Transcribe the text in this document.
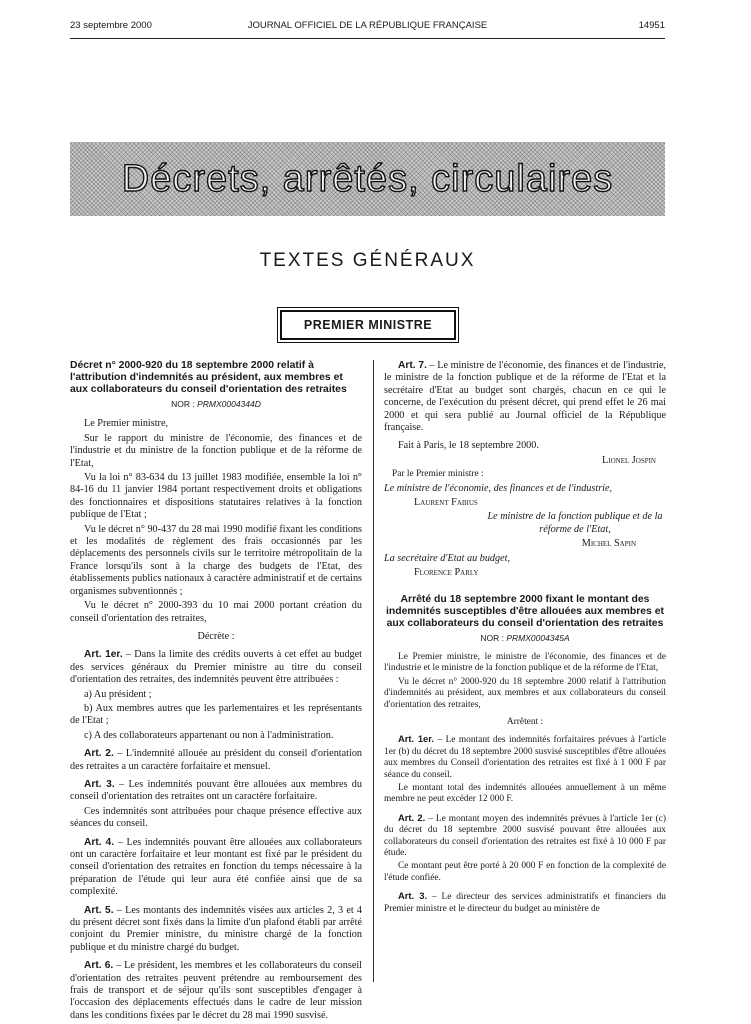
23 septembre 2000	JOURNAL OFFICIEL DE LA RÉPUBLIQUE FRANÇAISE	14951
Décrets, arrêtés, circulaires
TEXTES GÉNÉRAUX
PREMIER MINISTRE
Décret n° 2000-920 du 18 septembre 2000 relatif à l'attribution d'indemnités au président, aux membres et aux collaborateurs du conseil d'orientation des retraites
NOR : PRMX0004344D

Le Premier ministre,

Sur le rapport du ministre de l'économie, des finances et de l'industrie et du ministre de la fonction publique et de la réforme de l'Etat,

Vu la loi n° 83-634 du 13 juillet 1983 modifiée, ensemble la loi n° 84-16 du 11 janvier 1984 portant respectivement droits et obligations des fonctionnaires et dispositions statutaires relatives à la fonction publique de l'Etat ;

Vu le décret n° 90-437 du 28 mai 1990 modifié fixant les conditions et les modalités de règlement des frais occasionnés par les déplacements des personnels civils sur le territoire métropolitain de la France lorsqu'ils sont à la charge des budgets de l'Etat, des établissements publics nationaux à caractère administratif et de certains organismes subventionnés ;

Vu le décret n° 2000-393 du 10 mai 2000 portant création du conseil d'orientation des retraites,

Décrète :

Art. 1er. – Dans la limite des crédits ouverts à cet effet au budget des services généraux du Premier ministre au titre du conseil d'orientation des retraites, des indemnités peuvent être attribuées :

a) Au président ;

b) Aux membres autres que les parlementaires et les représentants de l'Etat ;

c) A des collaborateurs appartenant ou non à l'administration.

Art. 2. – L'indemnité allouée au président du conseil d'orientation des retraites a un caractère forfaitaire et mensuel.

Art. 3. – Les indemnités pouvant être allouées aux membres du conseil d'orientation des retraites ont un caractère forfaitaire.

Ces indemnités sont attribuées pour chaque présence effective aux séances du conseil.

Art. 4. – Les indemnités pouvant être allouées aux collaborateurs ont un caractère forfaitaire et leur montant est fixé par le président du conseil d'orientation des retraites en fonction du temps nécessaire à la préparation de l'étude qui leur aura été confiée ainsi que de sa complexité.

Art. 5. – Les montants des indemnités visées aux articles 2, 3 et 4 du présent décret sont fixés dans la limite d'un plafond établi par arrêté conjoint du Premier ministre, du ministre chargé de la fonction publique et du ministre chargé du budget.

Art. 6. – Le président, les membres et les collaborateurs du conseil d'orientation des retraites peuvent prétendre au remboursement des frais de transport et de séjour qu'ils sont susceptibles d'engager à l'occasion des déplacements effectués dans le cadre de leur mission dans les conditions fixées par le décret du 28 mai 1990 susvisé.

Art. 7. – Le ministre de l'économie, des finances et de l'industrie, le ministre de la fonction publique et de la réforme de l'Etat et la secrétaire d'Etat au budget sont chargés, chacun en ce qui le concerne, de l'exécution du présent décret, qui prend effet le 26 mai 2000 et qui sera publié au Journal officiel de la République française.

Fait à Paris, le 18 septembre 2000.

Lionel Jospin

Par le Premier ministre :

Le ministre de l'économie, des finances et de l'industrie,

Laurent Fabius

Le ministre de la fonction publique et de la réforme de l'Etat,

Michel Sapin

La secrétaire d'Etat au budget,

Florence Parly

Arrêté du 18 septembre 2000 fixant le montant des indemnités susceptibles d'être allouées aux membres et aux collaborateurs du conseil d'orientation des retraites
NOR : PRMX0004345A

Le Premier ministre, le ministre de l'économie, des finances et de l'industrie et le ministre de la fonction publique et de la réforme de l'Etat,

Vu le décret n° 2000-920 du 18 septembre 2000 relatif à l'attribution d'indemnités au président, aux membres et aux collaborateurs du conseil d'orientation des retraites,

Arrêtent :

Art. 1er. – Le montant des indemnités forfaitaires prévues à l'article 1er (b) du décret du 18 septembre 2000 susvisé susceptibles d'être allouées aux membres du Conseil d'orientation des retraites est fixé à 1 000 F par séance du conseil.

Le montant total des indemnités allouées annuellement à un même membre ne peut excéder 12 000 F.

Art. 2. – Le montant moyen des indemnités prévues à l'article 1er (c) du décret du 18 septembre 2000 susvisé pouvant être allouées aux collaborateurs du conseil d'orientation des retraites est fixé à 10 000 F par étude.

Ce montant peut être porté à 20 000 F en fonction de la complexité de l'étude confiée.

Art. 3. – Le directeur des services administratifs et financiers du Premier ministre et le directeur du budget au ministère de
